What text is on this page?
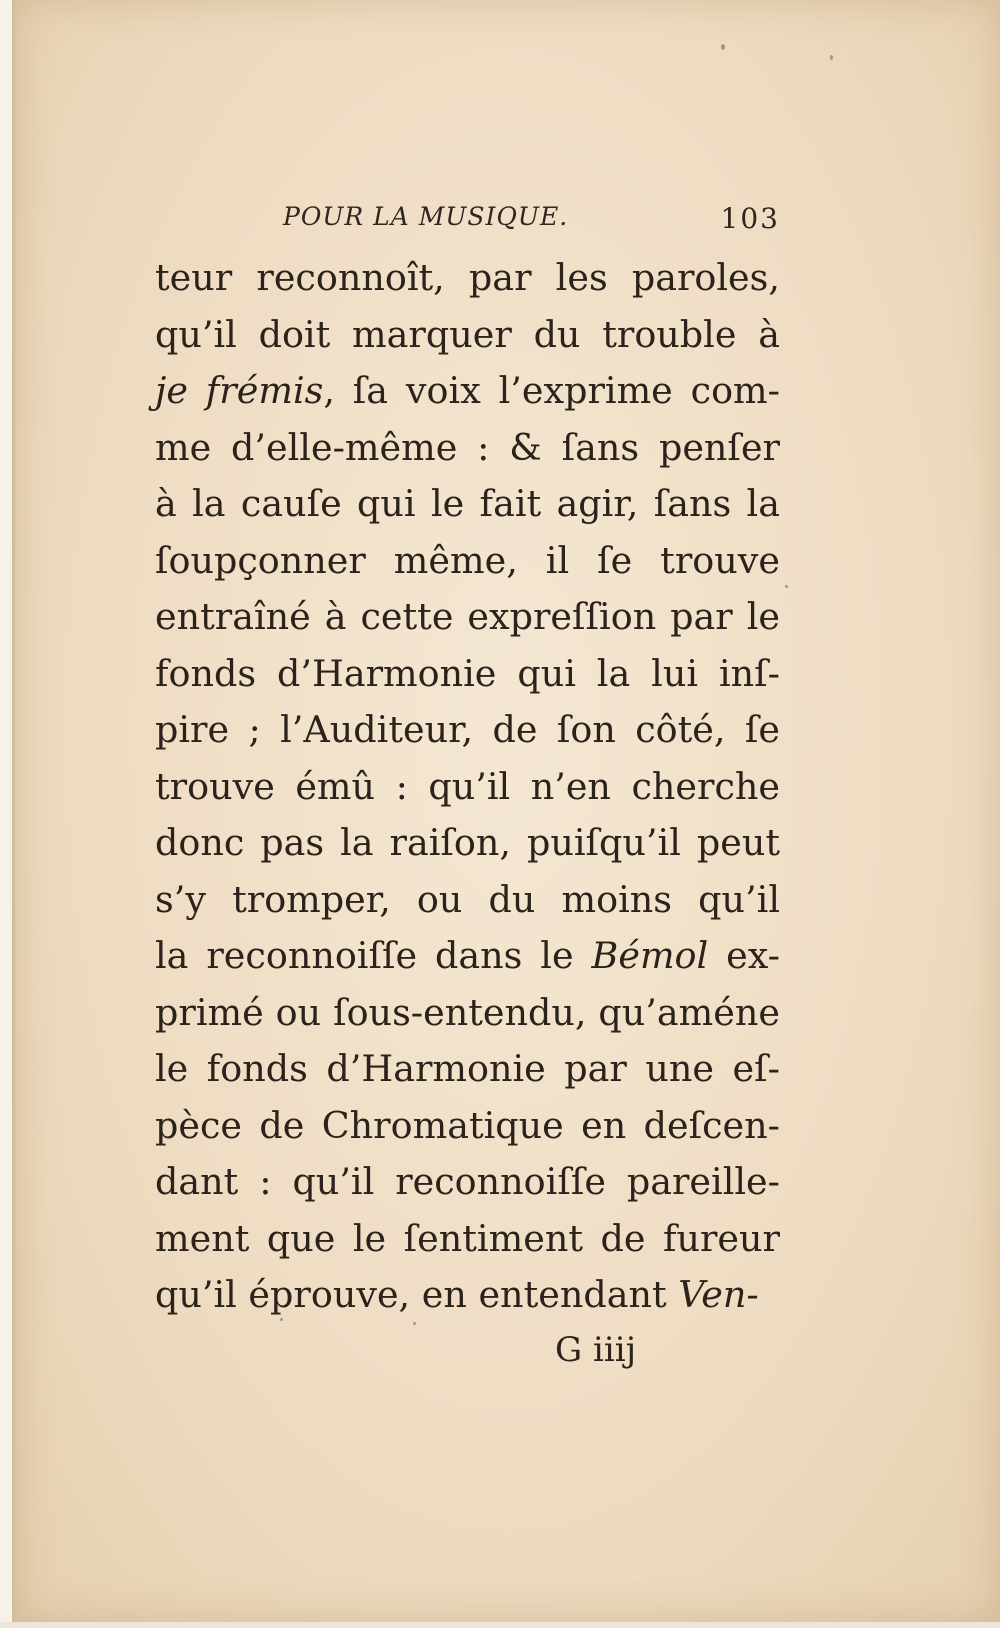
POUR LA MUSIQUE.	103
teur reconnoît, par les paroles,
qu’il doit marquer du trouble à
je frémis, ſa voix l’exprime com-
me d’elle-même : & ſans penſer
à la cauſe qui le fait agir, ſans la
ſoupçonner même, il ſe trouve
entraîné à cette expreſſion par le
fonds d’Harmonie qui la lui inſ-
pire ; l’Auditeur, de ſon côté, ſe
trouve émû : qu’il n’en cherche
donc pas la raiſon, puiſqu’il peut
s’y tromper, ou du moins qu’il
la reconnoiſſe dans le Bémol ex-
primé ou ſous-entendu, qu’améne
le fonds d’Harmonie par une eſ-
pèce de Chromatique en deſcen-
dant : qu’il reconnoiſſe pareille-
ment que le ſentiment de fureur
qu’il éprouve, en entendant Ven-
G iiij
